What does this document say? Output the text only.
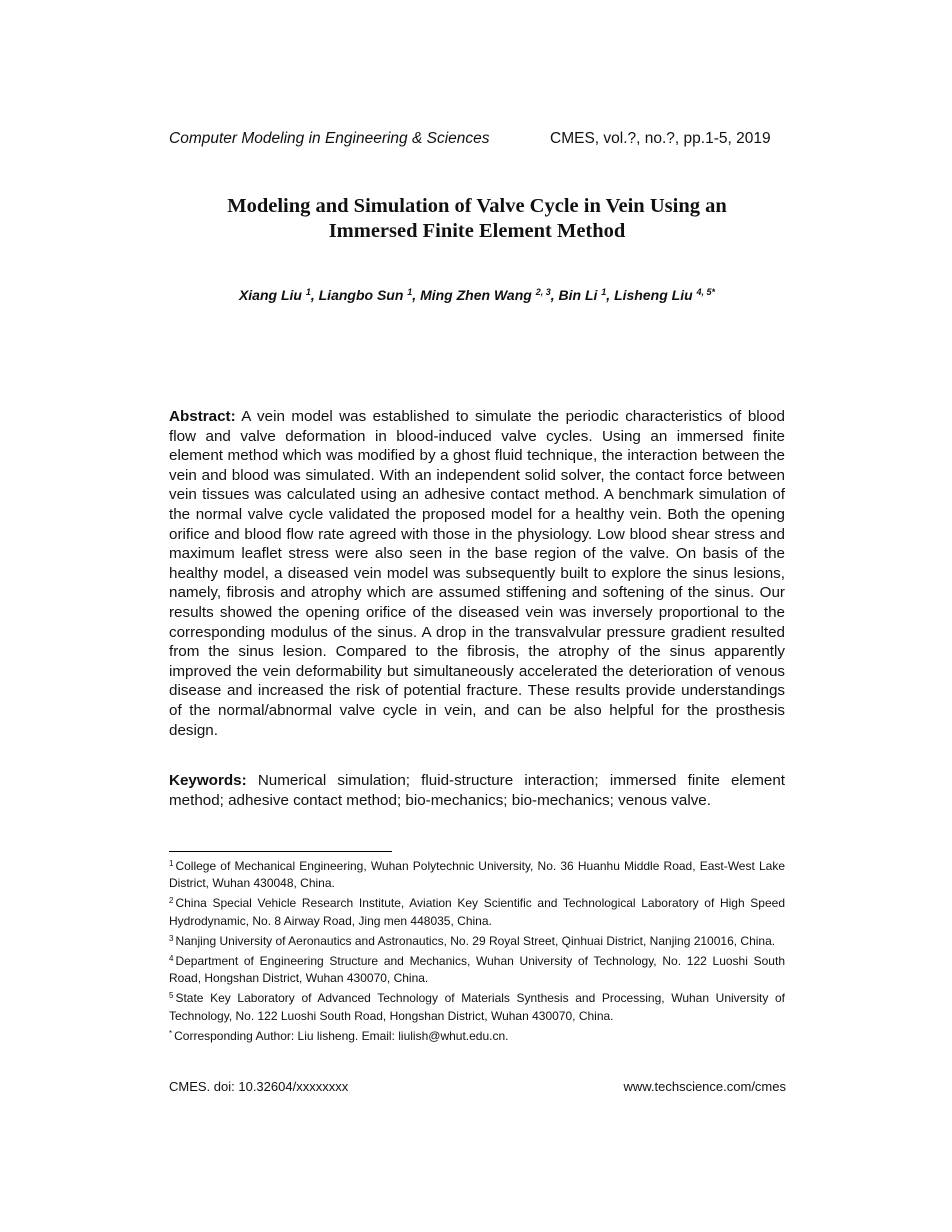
Computer Modeling in Engineering & Sciences	CMES, vol.?, no.?, pp.1-5, 2019
Modeling and Simulation of Valve Cycle in Vein Using an
Immersed Finite Element Method
Xiang Liu $^1$, Liangbo Sun $^1$, Ming Zhen Wang $^{2, 3}$, Bin Li $^1$, Lisheng Liu $^{4, 5*}$
Abstract: A vein model was established to simulate the periodic characteristics of blood flow and valve deformation in blood-induced valve cycles. Using an immersed finite element method which was modified by a ghost fluid technique, the interaction between the vein and blood was simulated. With an independent solid solver, the contact force between vein tissues was calculated using an adhesive contact method. A benchmark simulation of the normal valve cycle validated the proposed model for a healthy vein. Both the opening orifice and blood flow rate agreed with those in the physiology. Low blood shear stress and maximum leaflet stress were also seen in the base region of the valve. On basis of the healthy model, a diseased vein model was subsequently built to explore the sinus lesions, namely, fibrosis and atrophy which are assumed stiffening and softening of the sinus. Our results showed the opening orifice of the diseased vein was inversely proportional to the corresponding modulus of the sinus. A drop in the transvalvular pressure gradient resulted from the sinus lesion. Compared to the fibrosis, the atrophy of the sinus apparently improved the vein deformability but simultaneously accelerated the deterioration of venous disease and increased the risk of potential fracture. These results provide understandings of the normal/abnormal valve cycle in vein, and can be also helpful for the prosthesis design.
Keywords: Numerical simulation; fluid-structure interaction; immersed finite element method; adhesive contact method; bio-mechanics; bio-mechanics; venous valve.
$^1$ College of Mechanical Engineering, Wuhan Polytechnic University, No. 36 Huanhu Middle Road, East-West Lake District, Wuhan 430048, China.
$^2$ China Special Vehicle Research Institute, Aviation Key Scientific and Technological Laboratory of High Speed Hydrodynamic, No. 8 Airway Road, Jing men 448035, China.
$^3$ Nanjing University of Aeronautics and Astronautics, No. 29 Royal Street, Qinhuai District, Nanjing 210016, China.
$^4$ Department of Engineering Structure and Mechanics, Wuhan University of Technology, No. 122 Luoshi South Road, Hongshan District, Wuhan 430070, China.
$^5$ State Key Laboratory of Advanced Technology of Materials Synthesis and Processing, Wuhan University of Technology, No. 122 Luoshi South Road, Hongshan District, Wuhan 430070, China.
* Corresponding Author: Liu lisheng. Email: liulish@whut.edu.cn.
CMES. doi: 10.32604/xxxxxxxx	www.techscience.com/cmes
